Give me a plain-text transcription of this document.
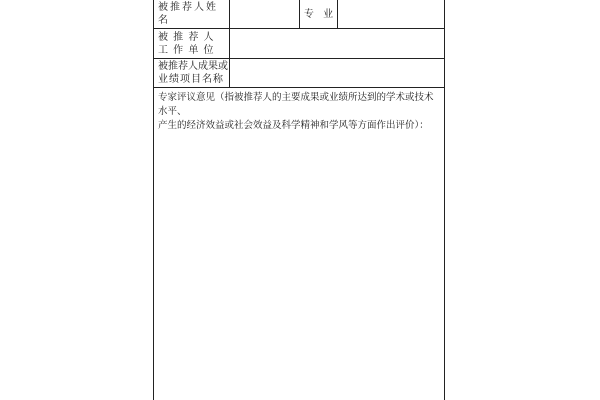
被推荐人姓名
专 业
被 推 荐 人
工 作 单 位
被推荐人成果或
业绩项目名称
专家评议意见（指被推荐人的主要成果或业绩所达到的学术或技术水平、
产生的经济效益或社会效益及科学精神和学风等方面作出评价）：
